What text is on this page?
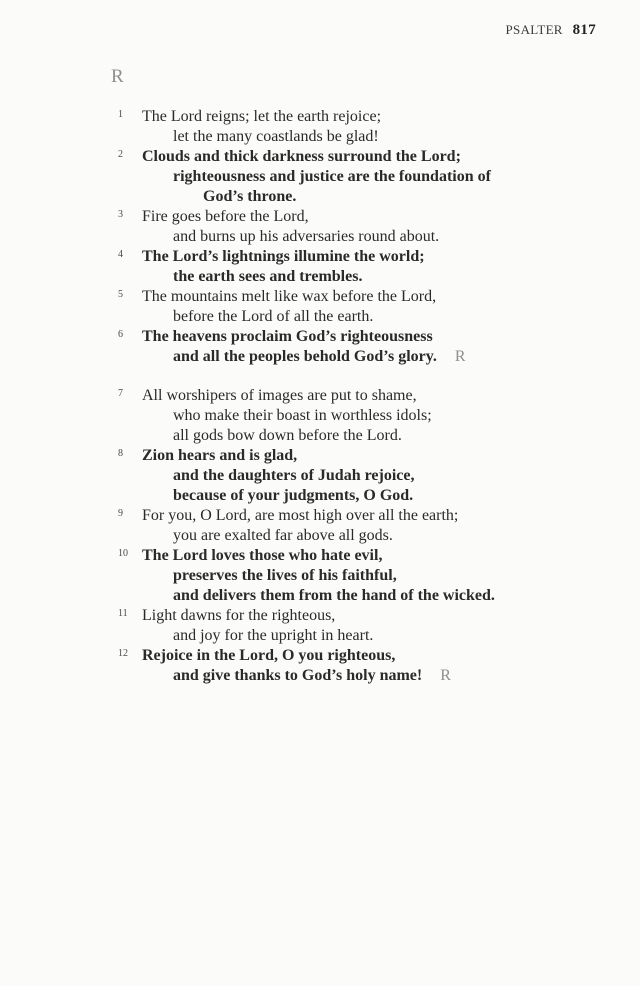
PSALTER 817
R
1 The Lord reigns; let the earth rejoice;
let the many coastlands be glad!
2 Clouds and thick darkness surround the Lord;
righteousness and justice are the foundation of
God’s throne.
3 Fire goes before the Lord,
and burns up his adversaries round about.
4 The Lord’s lightnings illumine the world;
the earth sees and trembles.
5 The mountains melt like wax before the Lord,
before the Lord of all the earth.
6 The heavens proclaim God’s righteousness
and all the peoples behold God’s glory. R
7 All worshipers of images are put to shame,
who make their boast in worthless idols;
all gods bow down before the Lord.
8 Zion hears and is glad,
and the daughters of Judah rejoice,
because of your judgments, O God.
9 For you, O Lord, are most high over all the earth;
you are exalted far above all gods.
10 The Lord loves those who hate evil,
preserves the lives of his faithful,
and delivers them from the hand of the wicked.
11 Light dawns for the righteous,
and joy for the upright in heart.
12 Rejoice in the Lord, O you righteous,
and give thanks to God’s holy name! R
